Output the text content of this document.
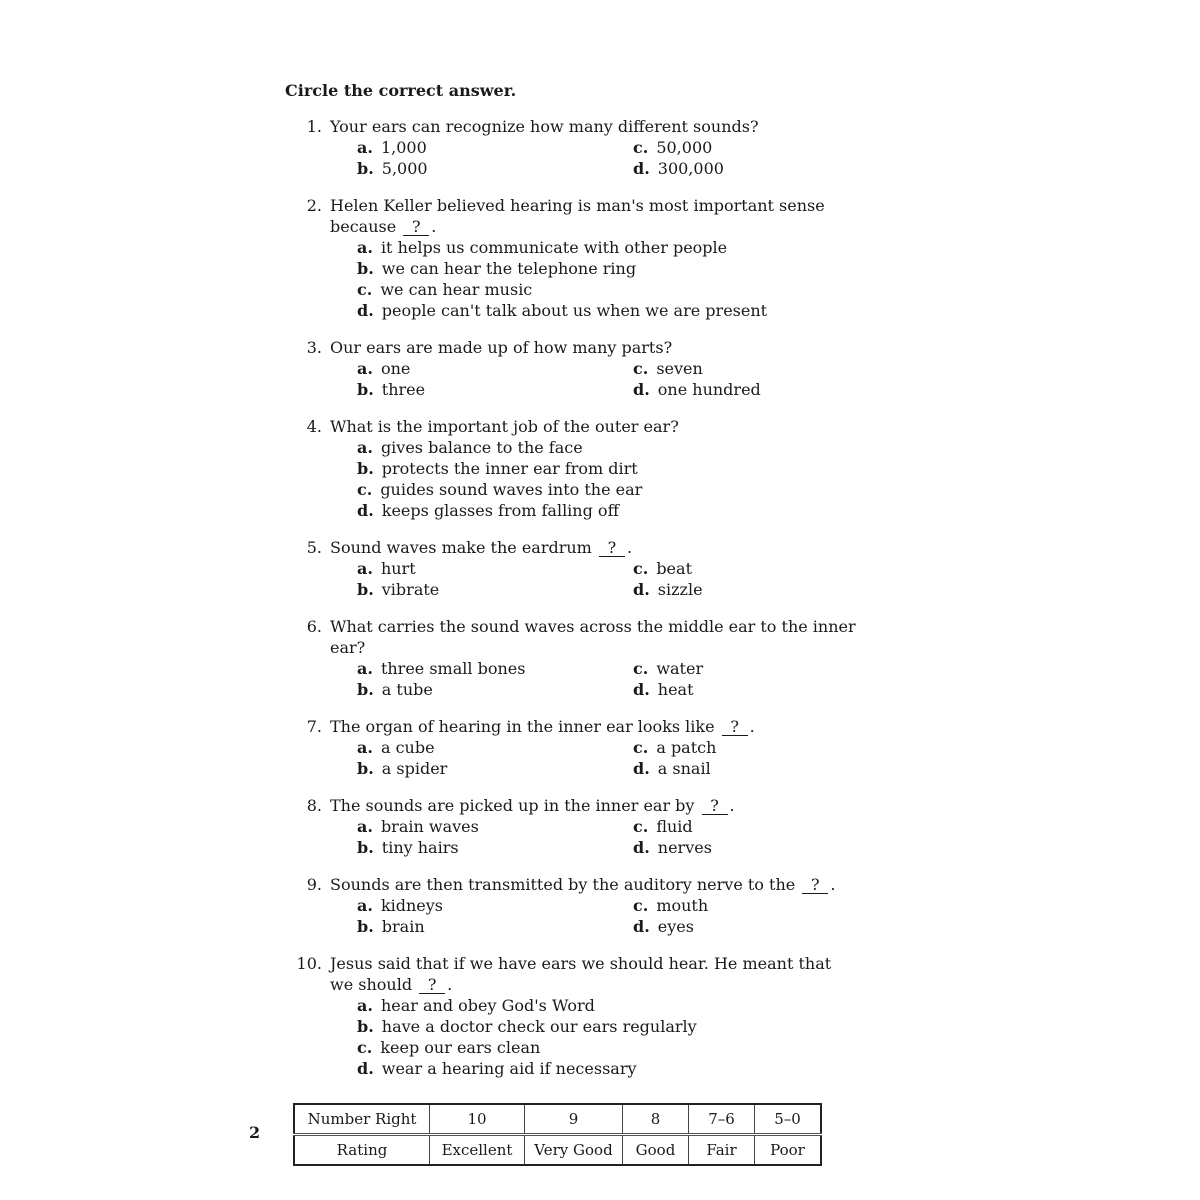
Circle the correct answer.
1. Your ears can recognize how many different sounds?
a. 1,000
b. 5,000
c. 50,000
d. 300,000
2. Helen Keller believed hearing is man's most important sense
because ? .
a. it helps us communicate with other people
b. we can hear the telephone ring
c. we can hear music
d. people can't talk about us when we are present
3. Our ears are made up of how many parts?
a. one
b. three
c. seven
d. one hundred
4. What is the important job of the outer ear?
a. gives balance to the face
b. protects the inner ear from dirt
c. guides sound waves into the ear
d. keeps glasses from falling off
5. Sound waves make the eardrum ? .
a. hurt
b. vibrate
c. beat
d. sizzle
6. What carries the sound waves across the middle ear to the inner
ear?
a. three small bones
b. a tube
c. water
d. heat
7. The organ of hearing in the inner ear looks like ? .
a. a cube
b. a spider
c. a patch
d. a snail
8. The sounds are picked up in the inner ear by ? .
a. brain waves
b. tiny hairs
c. fluid
d. nerves
9. Sounds are then transmitted by the auditory nerve to the ? .
a. kidneys
b. brain
c. mouth
d. eyes
10. Jesus said that if we have ears we should hear. He meant that
we should ? .
a. hear and obey God's Word
b. have a doctor check our ears regularly
c. keep our ears clean
d. wear a hearing aid if necessary
2
Number Right	10	9	8	7–6	5–0
Rating	Excellent	Very Good	Good	Fair	Poor
